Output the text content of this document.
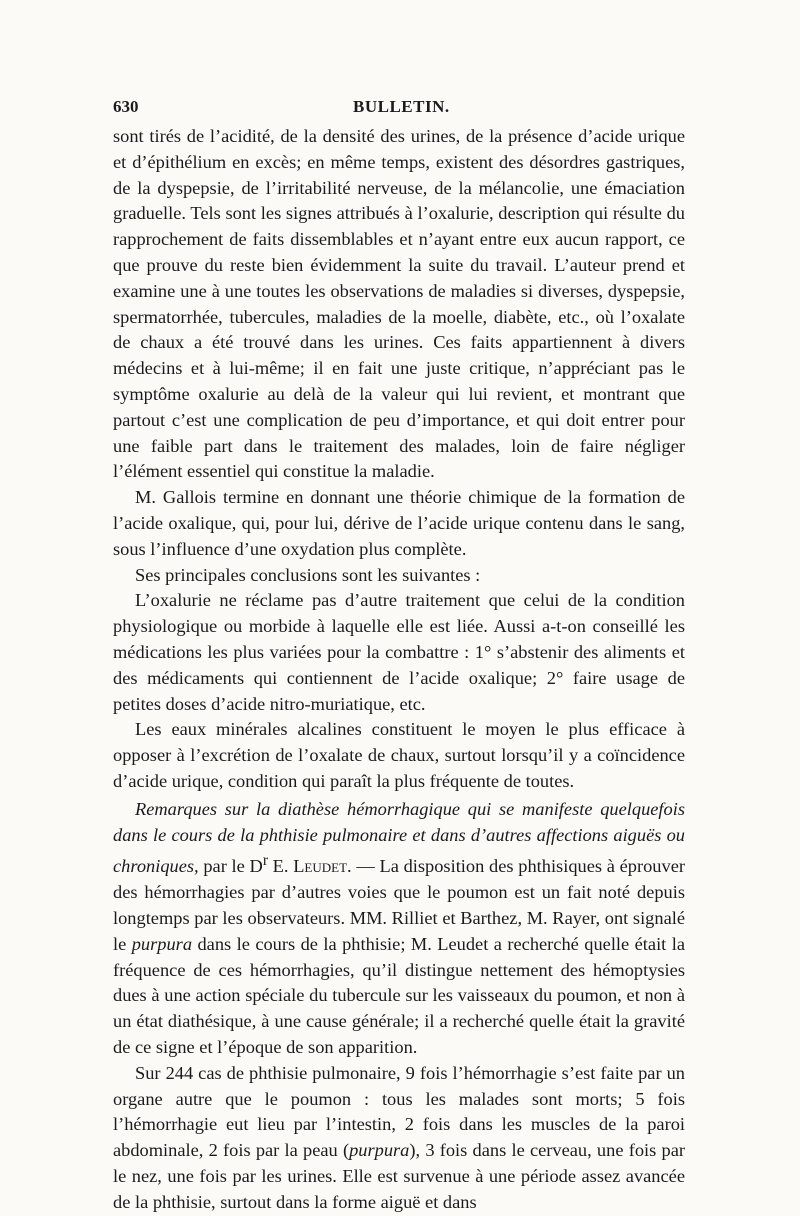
630	BULLETIN.

sont tirés de l’acidité, de la densité des urines, de la présence d’acide urique et d’épithélium en excès; en même temps, existent des désordres gastriques, de la dyspepsie, de l’irritabilité nerveuse, de la mélancolie, une émaciation graduelle. Tels sont les signes attribués à l’oxalurie, description qui résulte du rapprochement de faits dissemblables et n’ayant entre eux aucun rapport, ce que prouve du reste bien évidemment la suite du travail. L’auteur prend et examine une à une toutes les observations de maladies si diverses, dyspepsie, spermatorrhée, tubercules, maladies de la moelle, diabète, etc., où l’oxalate de chaux a été trouvé dans les urines. Ces faits appartiennent à divers médecins et à lui-même; il en fait une juste critique, n’appréciant pas le symptôme oxalurie au delà de la valeur qui lui revient, et montrant que partout c’est une complication de peu d’importance, et qui doit entrer pour une faible part dans le traitement des malades, loin de faire négliger l’élément essentiel qui constitue la maladie.

M. Gallois termine en donnant une théorie chimique de la formation de l’acide oxalique, qui, pour lui, dérive de l’acide urique contenu dans le sang, sous l’influence d’une oxydation plus complète.

Ses principales conclusions sont les suivantes :

L’oxalurie ne réclame pas d’autre traitement que celui de la condition physiologique ou morbide à laquelle elle est liée. Aussi a-t-on conseillé les médications les plus variées pour la combattre : 1° s’abstenir des aliments et des médicaments qui contiennent de l’acide oxalique; 2° faire usage de petites doses d’acide nitro-muriatique, etc.

Les eaux minérales alcalines constituent le moyen le plus efficace à opposer à l’excrétion de l’oxalate de chaux, surtout lorsqu’il y a coïncidence d’acide urique, condition qui paraît la plus fréquente de toutes.

Remarques sur la diathèse hémorrhagique qui se manifeste quelquefois dans le cours de la phthisie pulmonaire et dans d’autres affections aiguës ou chroniques, par le $D^r$ E. Leudet. — La disposition des phthisiques à éprouver des hémorrhagies par d’autres voies que le poumon est un fait noté depuis longtemps par les observateurs. MM. Rilliet et Barthez, M. Rayer, ont signalé le purpura dans le cours de la phthisie; M. Leudet a recherché quelle était la fréquence de ces hémorrhagies, qu’il distingue nettement des hémoptysies dues à une action spéciale du tubercule sur les vaisseaux du poumon, et non à un état diathésique, à une cause générale; il a recherché quelle était la gravité de ce signe et l’époque de son apparition.

Sur 244 cas de phthisie pulmonaire, 9 fois l’hémorrhagie s’est faite par un organe autre que le poumon : tous les malades sont morts; 5 fois l’hémorrhagie eut lieu par l’intestin, 2 fois dans les muscles de la paroi abdominale, 2 fois par la peau (purpura), 3 fois dans le cerveau, une fois par le nez, une fois par les urines. Elle est survenue à une période assez avancée de la phthisie, surtout dans la forme aiguë et dans
